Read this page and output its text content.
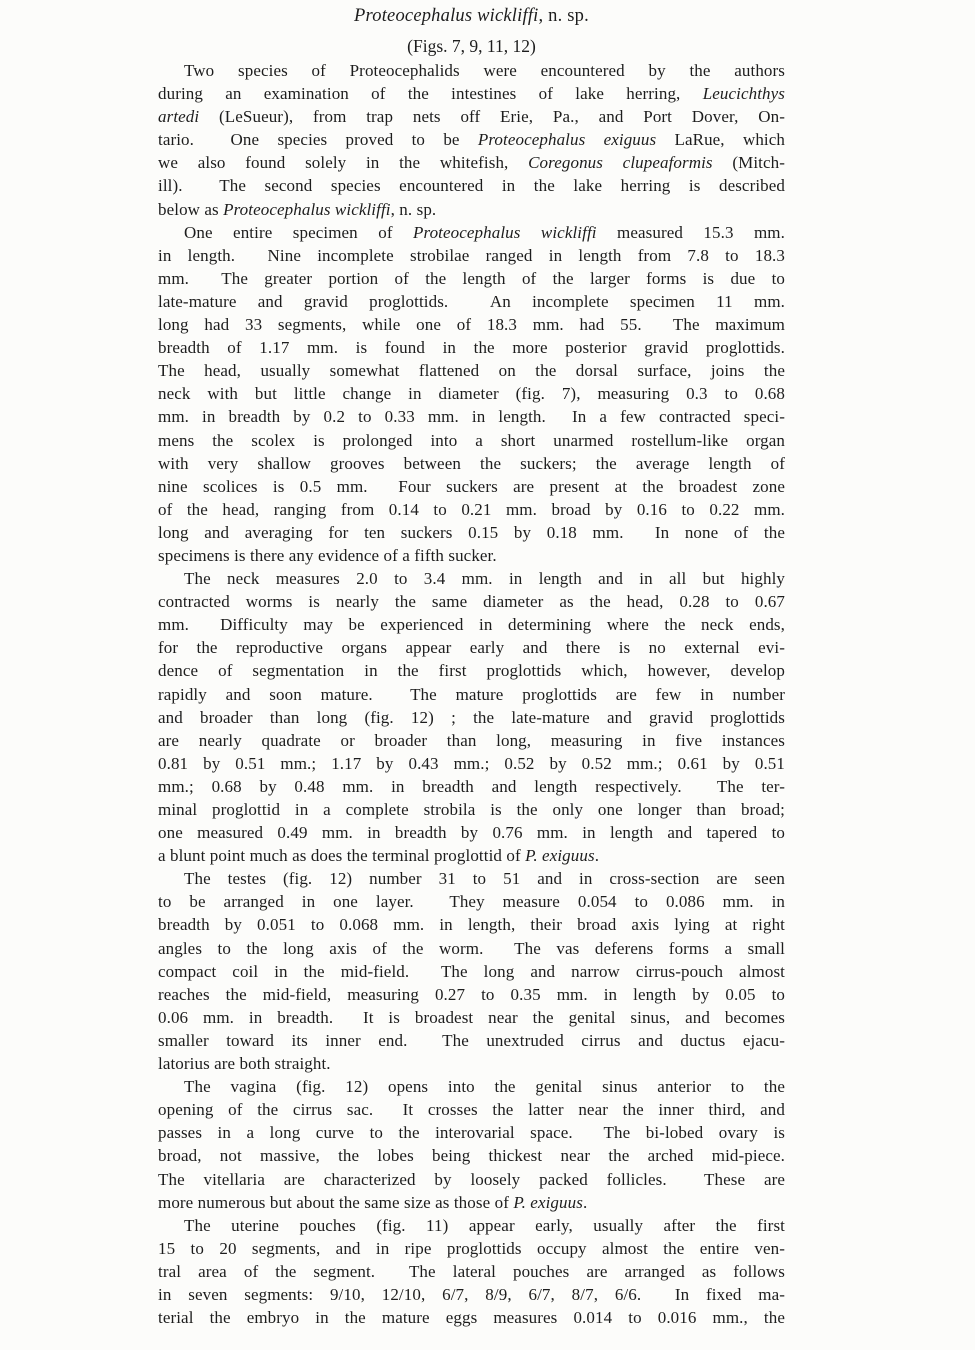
Proteocephalus wickliffi, n. sp.
(Figs. 7, 9, 11, 12)
Two species of Proteocephalids were encountered by the authors
during an examination of the intestines of lake herring, Leucichthys
artedi (LeSueur), from trap nets off Erie, Pa., and Port Dover, On-
tario.  One species proved to be Proteocephalus exiguus LaRue, which
we also found solely in the whitefish, Coregonus clupeaformis (Mitch-
ill).  The second species encountered in the lake herring is described
below as Proteocephalus wickliffi, n. sp.
One entire specimen of Proteocephalus wickliffi measured 15.3 mm.
in length.  Nine incomplete strobilae ranged in length from 7.8 to 18.3
mm.  The greater portion of the length of the larger forms is due to
late-mature and gravid proglottids.  An incomplete specimen 11 mm.
long had 33 segments, while one of 18.3 mm. had 55.  The maximum
breadth of 1.17 mm. is found in the more posterior gravid proglottids.
The head, usually somewhat flattened on the dorsal surface, joins the
neck with but little change in diameter (fig. 7), measuring 0.3 to 0.68
mm. in breadth by 0.2 to 0.33 mm. in length.  In a few contracted speci-
mens the scolex is prolonged into a short unarmed rostellum-like organ
with very shallow grooves between the suckers; the average length of
nine scolices is 0.5 mm.  Four suckers are present at the broadest zone
of the head, ranging from 0.14 to 0.21 mm. broad by 0.16 to 0.22 mm.
long and averaging for ten suckers 0.15 by 0.18 mm.  In none of the
specimens is there any evidence of a fifth sucker.
The neck measures 2.0 to 3.4 mm. in length and in all but highly
contracted worms is nearly the same diameter as the head, 0.28 to 0.67
mm.  Difficulty may be experienced in determining where the neck ends,
for the reproductive organs appear early and there is no external evi-
dence of segmentation in the first proglottids which, however, develop
rapidly and soon mature.  The mature proglottids are few in number
and broader than long (fig. 12) ; the late-mature and gravid proglottids
are nearly quadrate or broader than long, measuring in five instances
0.81 by 0.51 mm.; 1.17 by 0.43 mm.; 0.52 by 0.52 mm.; 0.61 by 0.51
mm.; 0.68 by 0.48 mm. in breadth and length respectively.  The ter-
minal proglottid in a complete strobila is the only one longer than broad;
one measured 0.49 mm. in breadth by 0.76 mm. in length and tapered to
a blunt point much as does the terminal proglottid of P. exiguus.
The testes (fig. 12) number 31 to 51 and in cross-section are seen
to be arranged in one layer.  They measure 0.054 to 0.086 mm. in
breadth by 0.051 to 0.068 mm. in length, their broad axis lying at right
angles to the long axis of the worm.  The vas deferens forms a small
compact coil in the mid-field.  The long and narrow cirrus-pouch almost
reaches the mid-field, measuring 0.27 to 0.35 mm. in length by 0.05 to
0.06 mm. in breadth.  It is broadest near the genital sinus, and becomes
smaller toward its inner end.  The unextruded cirrus and ductus ejacu-
latorius are both straight.
The vagina (fig. 12) opens into the genital sinus anterior to the
opening of the cirrus sac.  It crosses the latter near the inner third, and
passes in a long curve to the interovarial space.  The bi-lobed ovary is
broad, not massive, the lobes being thickest near the arched mid-piece.
The vitellaria are characterized by loosely packed follicles.  These are
more numerous but about the same size as those of P. exiguus.
The uterine pouches (fig. 11) appear early, usually after the first
15 to 20 segments, and in ripe proglottids occupy almost the entire ven-
tral area of the segment.  The lateral pouches are arranged as follows
in seven segments: 9/10, 12/10, 6/7, 8/9, 6/7, 8/7, 6/6.  In fixed ma-
terial the embryo in the mature eggs measures 0.014 to 0.016 mm., the
